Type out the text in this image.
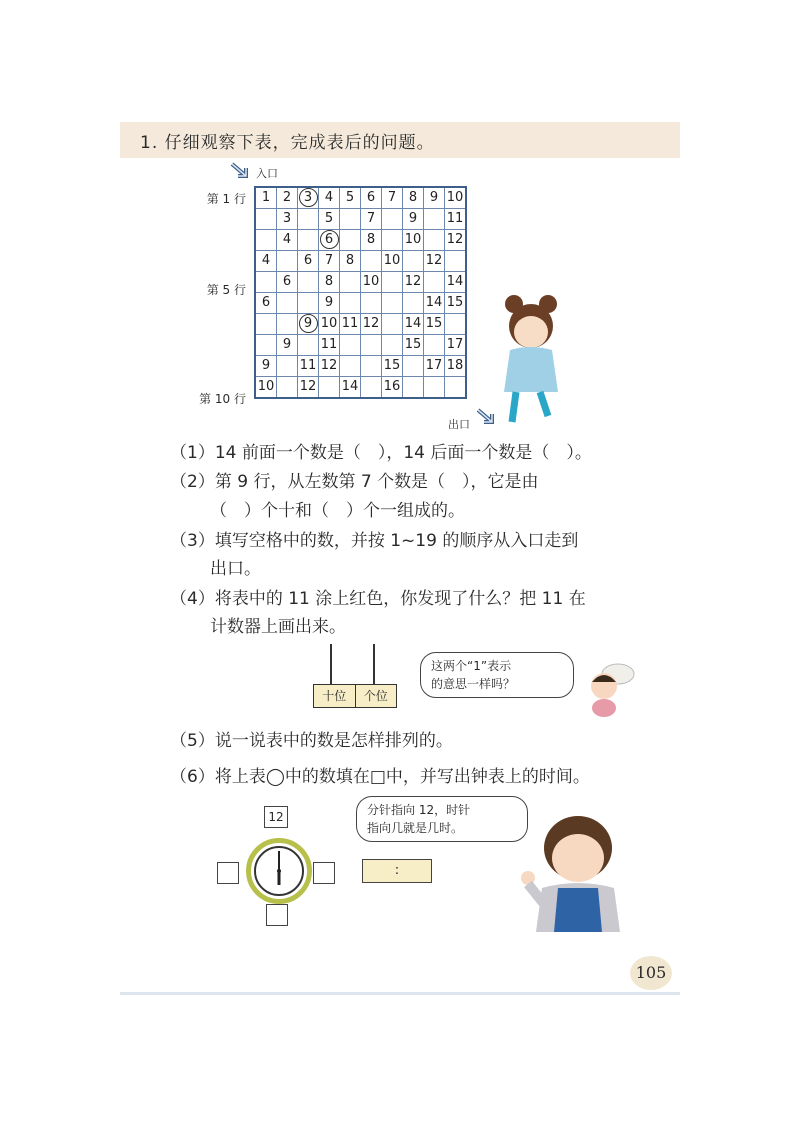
1. 仔细观察下表，完成表后的问题。
入口
第 1 行
第 5 行
第 10 行
1	2	3	4	5	6	7	8	9	10
	3		5		7		9		11
	4		6		8		10		12
4		6	7	8		10		12	
	6		8		10		12		14
6			9					14	15
		9	10	11	12		14	15	
	9		11				15		17
9		11	12			15		17	18
10		12		14		16			
出口
（1）14 前面一个数是（　），14 后面一个数是（　）。
（2）第 9 行，从左数第 7 个数是（　），它是由
（　）个十和（　）个一组成的。
（3）填写空格中的数，并按 1~19 的顺序从入口走到
出口。
（4）将表中的 11 涂上红色，你发现了什么？把 11 在
计数器上画出来。
十位	个位
这两个“1”表示
的意思一样吗？
（5）说一说表中的数是怎样排列的。
（6）将上表◯中的数填在□中，并写出钟表上的时间。
12
:
分针指向 12，时针
指向几就是几时。
105
